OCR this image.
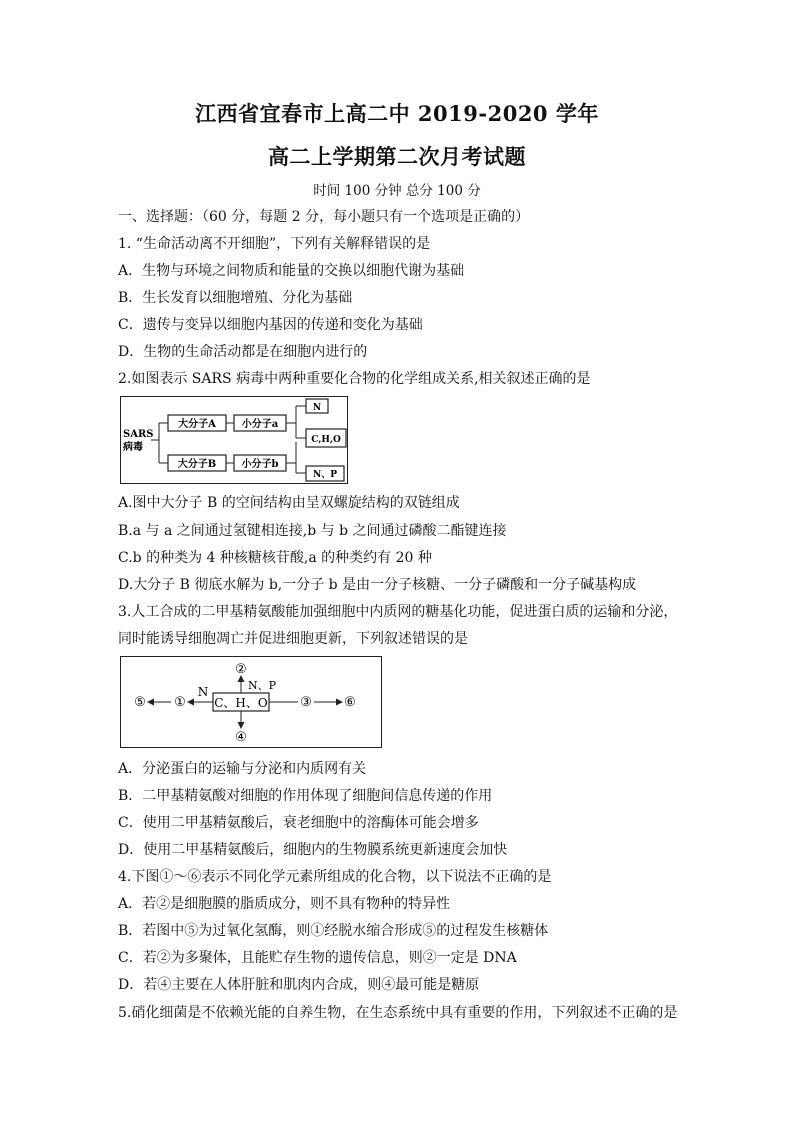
江西省宜春市上高二中 2019-2020 学年
高二上学期第二次月考试题
时间 100 分钟 总分 100 分
一、选择题：（60 分，每题 2 分，每小题只有一个选项是正确的）
1. “生命活动离不开细胞”，下列有关解释错误的是
A．生物与环境之间物质和能量的交换以细胞代谢为基础
B．生长发育以细胞增殖、分化为基础
C．遗传与变异以细胞内基因的传递和变化为基础
D．生物的生命活动都是在细胞内进行的
2.如图表示 SARS 病毒中两种重要化合物的化学组成关系,相关叙述正确的是
SARS
病毒
大分子A	小分子a
大分子B	小分子b
N
C,H,O
N、P
A.图中大分子 B 的空间结构由呈双螺旋结构的双链组成
B.a 与 a 之间通过氢键相连接,b 与 b 之间通过磷酸二酯键连接
C.b 的种类为 4 种核糖核苷酸,a 的种类约有 20 种
D.大分子 B 彻底水解为 b,一分子 b 是由一分子核糖、一分子磷酸和一分子碱基构成
3.人工合成的二甲基精氨酸能加强细胞中内质网的糖基化功能，促进蛋白质的运输和分泌，
同时能诱导细胞凋亡并促进细胞更新，下列叙述错误的是
C、H、O
①
N
⑤
②
N、P
④
③ ⑥
A．分泌蛋白的运输与分泌和内质网有关
B．二甲基精氨酸对细胞的作用体现了细胞间信息传递的作用
C．使用二甲基精氨酸后，衰老细胞中的溶酶体可能会增多
D．使用二甲基精氨酸后，细胞内的生物膜系统更新速度会加快
4.下图①～⑥表示不同化学元素所组成的化合物，以下说法不正确的是
A．若②是细胞膜的脂质成分，则不具有物种的特异性
B．若图中⑤为过氧化氢酶，则①经脱水缩合形成⑤的过程发生核糖体
C．若②为多聚体，且能贮存生物的遗传信息，则②一定是 DNA
D．若④主要在人体肝脏和肌肉内合成，则④最可能是糖原
5.硝化细菌是不依赖光能的自养生物，在生态系统中具有重要的作用，下列叙述不正确的是
